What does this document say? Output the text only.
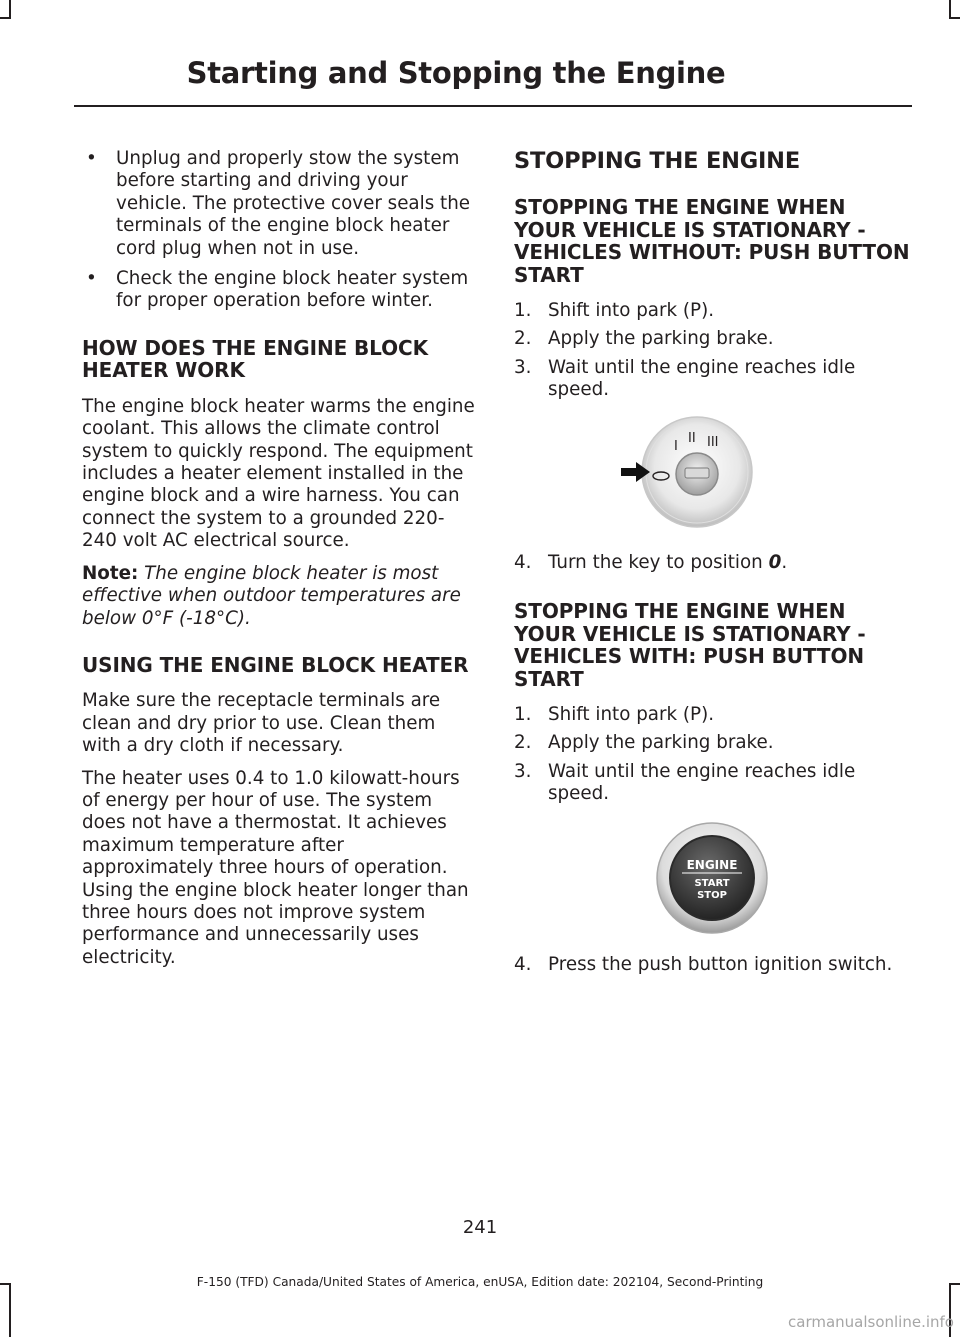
Starting and Stopping the Engine
• Unplug and properly stow the system before starting and driving your vehicle. The protective cover seals the terminals of the engine block heater cord plug when not in use.
• Check the engine block heater system for proper operation before winter.
HOW DOES THE ENGINE BLOCK HEATER WORK

The engine block heater warms the engine coolant. This allows the climate control system to quickly respond. The equipment includes a heater element installed in the engine block and a wire harness. You can connect the system to a grounded 220-240 volt AC electrical source.

Note: The engine block heater is most effective when outdoor temperatures are below 0°F (-18°C).

USING THE ENGINE BLOCK HEATER

Make sure the receptacle terminals are clean and dry prior to use. Clean them with a dry cloth if necessary.

The heater uses 0.4 to 1.0 kilowatt-hours of energy per hour of use. The system does not have a thermostat. It achieves maximum temperature after approximately three hours of operation. Using the engine block heater longer than three hours does not improve system performance and unnecessarily uses electricity.

STOPPING THE ENGINE
STOPPING THE ENGINE WHEN YOUR VEHICLE IS STATIONARY - VEHICLES WITHOUT: PUSH BUTTON START
1. Shift into park (P).
2. Apply the parking brake.
3. Wait until the engine reaches idle speed.
I
II III
4. Turn the key to position 0.
STOPPING THE ENGINE WHEN YOUR VEHICLE IS STATIONARY - VEHICLES WITH: PUSH BUTTON START
1. Shift into park (P).
2. Apply the parking brake.
3. Wait until the engine reaches idle speed.
ENGINE
START
STOP
4. Press the push button ignition switch.
241
F-150 (TFD) Canada/United States of America, enUSA, Edition date: 202104, Second-Printing
carmanualsonline.info
